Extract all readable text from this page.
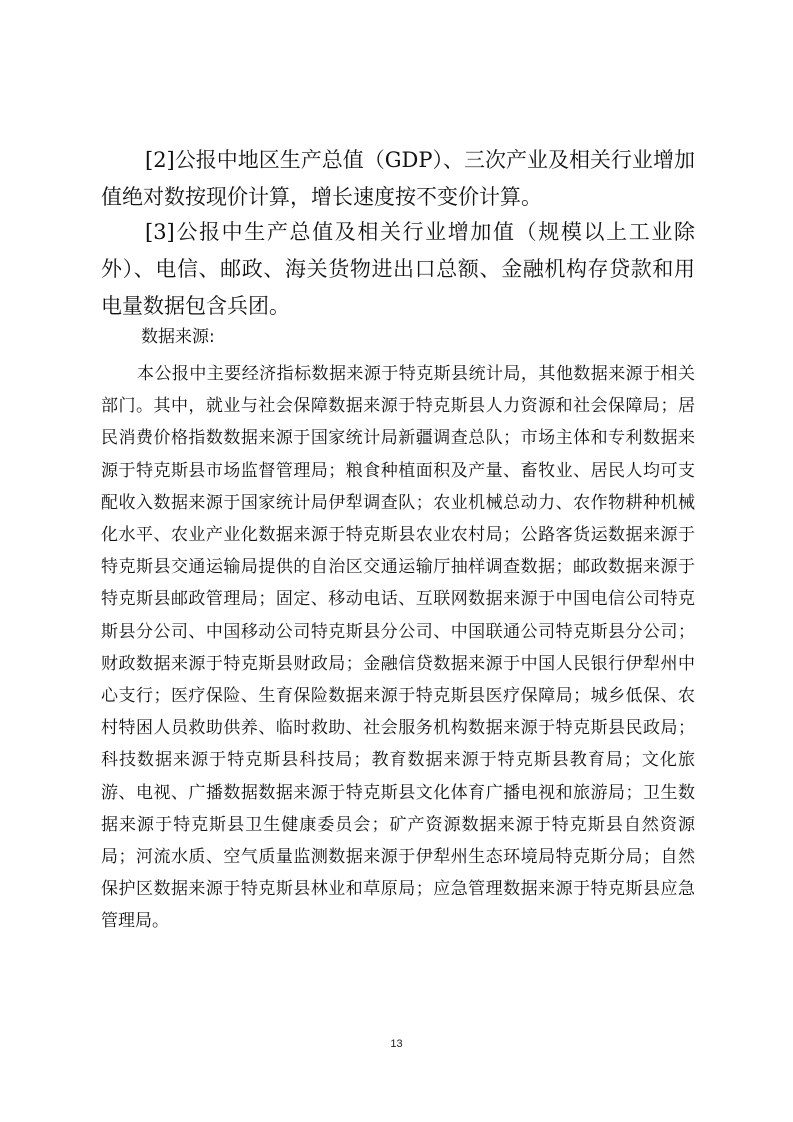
[2]公报中地区生产总值（GDP）、三次产业及相关行业增加值绝对数按现价计算，增长速度按不变价计算。

[3]公报中生产总值及相关行业增加值（规模以上工业除外）、电信、邮政、海关货物进出口总额、金融机构存贷款和用电量数据包含兵团。

数据来源:

本公报中主要经济指标数据来源于特克斯县统计局，其他数据来源于相关部门。其中，就业与社会保障数据来源于特克斯县人力资源和社会保障局；居民消费价格指数数据来源于国家统计局新疆调查总队；市场主体和专利数据来源于特克斯县市场监督管理局；粮食种植面积及产量、畜牧业、居民人均可支配收入数据来源于国家统计局伊犁调查队；农业机械总动力、农作物耕种机械化水平、农业产业化数据来源于特克斯县农业农村局；公路客货运数据来源于特克斯县交通运输局提供的自治区交通运输厅抽样调查数据；邮政数据来源于特克斯县邮政管理局；固定、移动电话、互联网数据来源于中国电信公司特克斯县分公司、中国移动公司特克斯县分公司、中国联通公司特克斯县分公司；财政数据来源于特克斯县财政局；金融信贷数据来源于中国人民银行伊犁州中心支行；医疗保险、生育保险数据来源于特克斯县医疗保障局；城乡低保、农村特困人员救助供养、临时救助、社会服务机构数据来源于特克斯县民政局；科技数据来源于特克斯县科技局；教育数据来源于特克斯县教育局；文化旅游、电视、广播数据数据来源于特克斯县文化体育广播电视和旅游局；卫生数据来源于特克斯县卫生健康委员会；矿产资源数据来源于特克斯县自然资源局；河流水质、空气质量监测数据来源于伊犁州生态环境局特克斯分局；自然保护区数据来源于特克斯县林业和草原局；应急管理数据来源于特克斯县应急管理局。

13
